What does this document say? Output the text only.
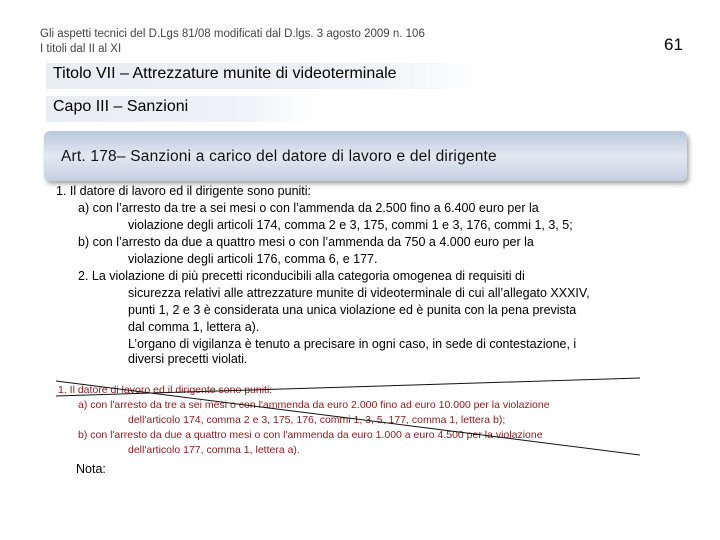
Gli aspetti tecnici del D.Lgs 81/08 modificati dal D.lgs. 3 agosto 2009 n. 106
I titoli dal II al XI	61
Titolo VII – Attrezzature munite di videoterminale
Capo III – Sanzioni
Art. 178– Sanzioni a carico del datore di lavoro e del dirigente
1. Il datore di lavoro ed il dirigente sono puniti:
a) con l’arresto da tre a sei mesi o con l’ammenda da 2.500 fino a 6.400 euro per la
violazione degli articoli 174, comma 2 e 3, 175, commi 1 e 3, 176, commi 1, 3, 5;
b) con l’arresto da due a quattro mesi o con l’ammenda da 750 a 4.000 euro per la
violazione degli articoli 176, comma 6, e 177.
2. La violazione di più precetti riconducibili alla categoria omogenea di requisiti di
sicurezza relativi alle attrezzature munite di videoterminale di cui all’allegato XXXIV,
punti 1, 2 e 3 è considerata una unica violazione ed è punita con la pena prevista
dal comma 1, lettera a).
L’organo di vigilanza è tenuto a precisare in ogni caso, in sede di contestazione, i
diversi precetti violati.
1. Il datore di lavoro ed il dirigente sono puniti:
a) con l'arresto da tre a sei mesi o con l'ammenda da euro 2.000 fino ad euro 10.000 per la violazione
dell'articolo 174, comma 2 e 3, 175, 176, commi 1, 3, 5, 177, comma 1, lettera b);
b) con l'arresto da due a quattro mesi o con l'ammenda da euro 1.000 a euro 4.500 per la violazione
dell'articolo 177, comma 1, lettera a).
Nota:
